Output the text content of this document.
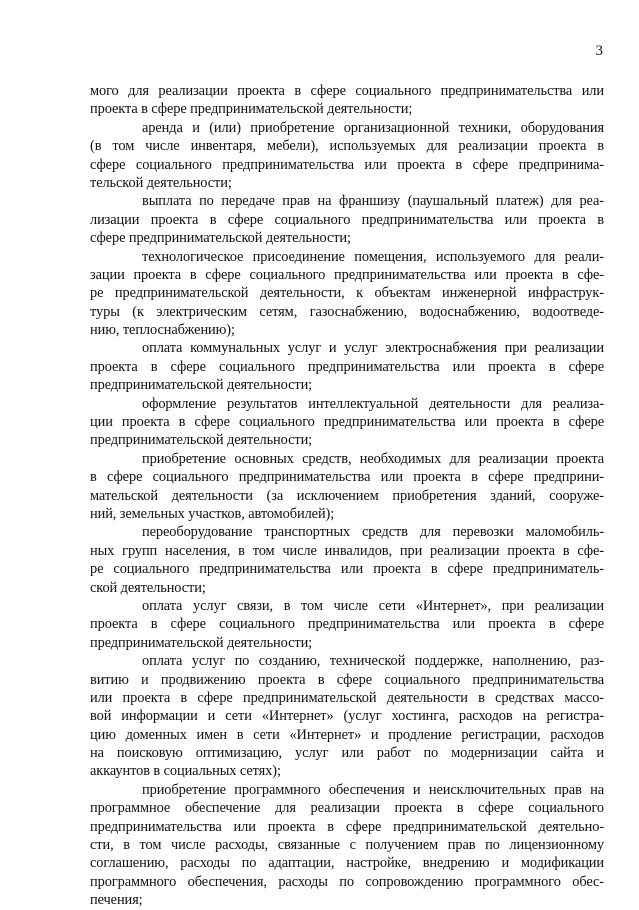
3
мого для реализации проекта в сфере социального предпринимательства или
проекта в сфере предпринимательской деятельности;
аренда и (или) приобретение организационной техники, оборудования
(в том числе инвентаря, мебели), используемых для реализации проекта в
сфере социального предпринимательства или проекта в сфере предпринима-
тельской деятельности;
выплата по передаче прав на франшизу (паушальный платеж) для реа-
лизации проекта в сфере социального предпринимательства или проекта в
сфере предпринимательской деятельности;
технологическое присоединение помещения, используемого для реали-
зации проекта в сфере социального предпринимательства или проекта в сфе-
ре предпринимательской деятельности, к объектам инженерной инфраструк-
туры (к электрическим сетям, газоснабжению, водоснабжению, водоотведе-
нию, теплоснабжению);
оплата коммунальных услуг и услуг электроснабжения при реализации
проекта в сфере социального предпринимательства или проекта в сфере
предпринимательской деятельности;
оформление результатов интеллектуальной деятельности для реализа-
ции проекта в сфере социального предпринимательства или проекта в сфере
предпринимательской деятельности;
приобретение основных средств, необходимых для реализации проекта
в сфере социального предпринимательства или проекта в сфере предприни-
мательской деятельности (за исключением приобретения зданий, сооруже-
ний, земельных участков, автомобилей);
переоборудование транспортных средств для перевозки маломобиль-
ных групп населения, в том числе инвалидов, при реализации проекта в сфе-
ре социального предпринимательства или проекта в сфере предприниматель-
ской деятельности;
оплата услуг связи, в том числе сети «Интернет», при реализации
проекта в сфере социального предпринимательства или проекта в сфере
предпринимательской деятельности;
оплата услуг по созданию, технической поддержке, наполнению, раз-
витию и продвижению проекта в сфере социального предпринимательства
или проекта в сфере предпринимательской деятельности в средствах массо-
вой информации и сети «Интернет» (услуг хостинга, расходов на регистра-
цию доменных имен в сети «Интернет» и продление регистрации, расходов
на поисковую оптимизацию, услуг или работ по модернизации сайта и
аккаунтов в социальных сетях);
приобретение программного обеспечения и неисключительных прав на
программное обеспечение для реализации проекта в сфере социального
предпринимательства или проекта в сфере предпринимательской деятельно-
сти, в том числе расходы, связанные с получением прав по лицензионному
соглашению, расходы по адаптации, настройке, внедрению и модификации
программного обеспечения, расходы по сопровождению программного обес-
печения;
